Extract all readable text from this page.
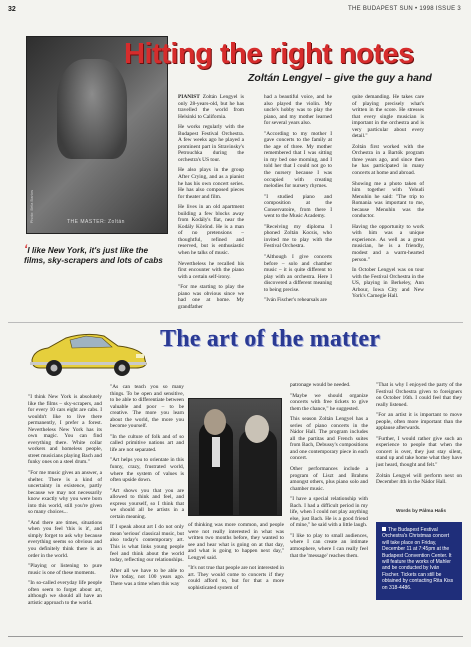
32	THE BUDAPEST SUN • 1998 ISSUE 3
Photo: Béla Bartos	THE MASTER: Zoltán
Hitting the right notes
Zoltán Lengyel – give the guy a hand

PIANIST Zoltán Lengyel is only 28-years-old, but he has travelled the world from Helsinki to California.

He works regularly with the Budapest Festival Orchestra. A few weeks ago he played a prominent part in Stravinsky's Petrouchka during the orchestra's US tour.

He also plays in the group After Crying, and as a pianist he has his own concert series. He has also composed pieces for theater and film.

He lives in an old apartment building a few blocks away from Kodály's flat, near the Kodály Körönd. He is a man of no pretensions – thoughtful, refined and reserved, but is enthusiastic when he talks of music.

Nevertheless he recalled his first encounter with the piano with a certain self-irony.

"For me starting to play the piano was obvious since we had one at home. My grandfather

had a beautiful voice, and he also played the violin. My uncle's hobby was to play the piano, and my mother learned for several years also.

"According to my mother I gave concerts to the family at the age of three. My mother remembered that I was sitting in my bed one morning, and I told her that I could not go to the nursery because I was occupied with creating melodies for nursery rhymes.

"I studied piano and composition at the Conservatoire, from there I went to the Music Academy.

"Receiving my diploma I phoned Zoltán Kocsis, who invited me to play with the Festival Orchestra.

"Although I give concerts before – solo and chamber music – it is quite different to play with an orchestra. Here I discovered a different meaning to being precise.

"Iván Fischer's rehearsals are

quite demanding. He takes care of playing precisely what's written in the score. He stresses that every single musician is important in the orchestra and is very particular about every detail."

Zoltán first worked with the Orchestra in a Bartók program three years ago, and since then he has participated in many concerts at home and abroad.

Showing me a photo taken of him together with Yehudi Menuhin he said: "The trip to Romania was important to me, because Menuhin was the conductor.

Having the opportunity to work with him was a unique experience. As well as a great musician, he is a friendly, modest and a warm-hearted person."

In October Lengyel was on tour with the Festival Orchestra in the US, playing in Berkeley, Ann Arbour, Iowa City and New York's Carnegie Hall.

‘I like New York, it's just like the films, sky-scrapers and lots of cabs
The art of the matter

"I think New York is absolutely like the films – sky-scrapers, and for every 10 cars eight are cabs. I wouldn't like to live there permanently, I prefer a forest. Nevertheless New York has its own magic. You can find everything there. White collar workers and homeless people, street musicians playing Bach and funky ones on a steel drum."

"For me music gives an answer, a shelter. There is a kind of uncertainty in existence, partly because we may not necessarily know exactly why you were born into this world, still you're given so many choices...

"And there are times, situations when you feel 'this is it', and simply forget to ask why because everything seems so obvious and you definitely think there is an order in the world.

"Playing or listening to pure music is one of these moments.

"In so-called everyday life people often seem to forget about art, although we should all have an artistic approach to the world.

"As can teach you so many things. To be open and sensitive, to be able to differentiate between valuable and poor – to be creative. The more you learn about the world, the more you become yourself.

"In the culture of folk and of so called primitive nations art and life are not separated.

"Art helps you to orientate in this funny, crazy, frustrated world, where the system of values is often upside down.

"Art shows you that you are allowed to think and feel, and express yourself, so I think that we should all be artists in a certain meaning.

If I speak about art I do not only mean 'serious' classical music, but also today's contemporary art. This is what links young people feel and think about the world today, reflecting our relationships.

After all we have to be able to live today, not 100 years ago. There was a time when this way

of thinking was more common, and people were not really interested in what was written two months before, they wanted to see and hear what is going on at that day, and what is going to happen next day," Lengyel said.

"It's not true that people are not interested in art. They would come to concerts if they could afford to, but for that a more sophisticated system of

patronage would be needed.

"Maybe we should organize concerts with free tickets to give them the chance," he suggested.

This season Zoltán Lengyel has a series of piano concerts in the Nádor Hall. The program includes all the partitas and French suites from Bach, Debussy's compositions and one contemporary piece in each concert.

Other performances include a program of Liszt and Brahms amongst others, plus piano solo and chamber music.

"I have a special relationship with Bach. I had a difficult period in my life, when I could not play anything else, just Bach. He is a good friend of mine," he said with a little laugh.

"I like to play to small audiences, where I can create an intimate atmosphere, where I can really feel that the 'message' reaches them.

"That is why I enjoyed the party of the Festival Orchestra given to foreigners on October 16th. I could feel that they really listened.

"For an artist it is important to move people, often more important than the applause afterwards.

"Further, I would rather give such an experience to people that when the concert is over, they just stay silent, stand up and take home what they have just heard, thought and felt."

Zoltán Lengyel will perform next on December 4th in the Nádor Hall.

Words by Pálma Halis
The Budapest Festival Orchestra's Christmas concert will take place on Friday, December 11 at 7:45pm at the Budapest Convention Center. It will feature the works of Mahler and be conducted by Iván Fischer. Tickets can still be obtained by contacting Rita Kiss on 318-4486.
